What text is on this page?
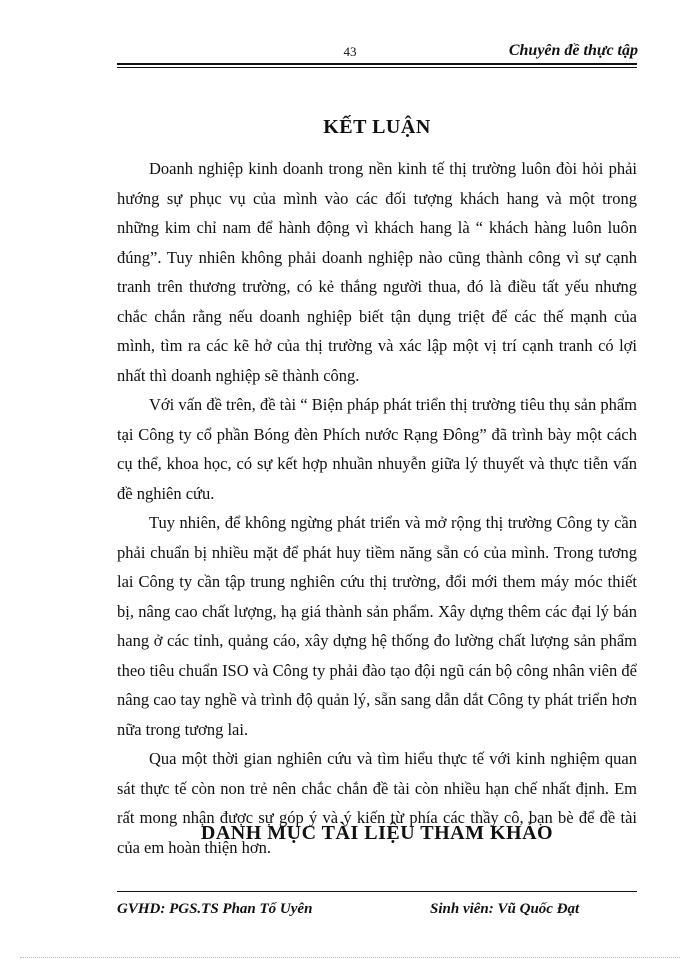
43	Chuyên đề thực tập
KẾT LUẬN

Doanh nghiệp kinh doanh trong nền kinh tế thị trường luôn đòi hỏi phải hướng sự phục vụ của mình vào các đối tượng khách hang và một trong những kim chỉ nam để hành động vì khách hang là “ khách hàng luôn luôn đúng”. Tuy nhiên không phải doanh nghiệp nào cũng thành công vì sự cạnh tranh trên thương trường, có kẻ thắng người thua, đó là điều tất yếu nhưng chắc chắn rằng nếu doanh nghiệp biết tận dụng triệt để các thế mạnh của mình, tìm ra các kẽ hở của thị trường và xác lập một vị trí cạnh tranh có lợi nhất thì doanh nghiệp sẽ thành công.

Với vấn đề trên, đề tài “ Biện pháp phát triển thị trường tiêu thụ sản phẩm tại Công ty cổ phần Bóng đèn Phích nước Rạng Đông” đã trình bày một cách cụ thể, khoa học, có sự kết hợp nhuần nhuyễn giữa lý thuyết và thực tiễn vấn đề nghiên cứu.

Tuy nhiên, để không ngừng phát triển và mở rộng thị trường Công ty cần phải chuẩn bị nhiều mặt để phát huy tiềm năng sẵn có của mình. Trong tương lai Công ty cần tập trung nghiên cứu thị trường, đổi mới them máy móc thiết bị, nâng cao chất lượng, hạ giá thành sản phẩm. Xây dựng thêm các đại lý bán hang ở các tỉnh, quảng cáo, xây dựng hệ thống đo lường chất lượng sản phẩm theo tiêu chuẩn ISO và Công ty phải đào tạo đội ngũ cán bộ công nhân viên để nâng cao tay nghề và trình độ quản lý, sẵn sang dẫn dắt Công ty phát triển hơn nữa trong tương lai.

Qua một thời gian nghiên cứu và tìm hiểu thực tế với kinh nghiệm quan sát thực tế còn non trẻ nên chắc chắn đề tài còn nhiều hạn chế nhất định. Em rất mong nhận được sự góp ý và ý kiến từ phía các thầy cô, bạn bè để đề tài của em hoàn thiện hơn.

DANH MỤC TÀI LIỆU THAM KHẢO
GVHD: PGS.TS Phan Tố Uyên	Sinh viên: Vũ Quốc Đạt
